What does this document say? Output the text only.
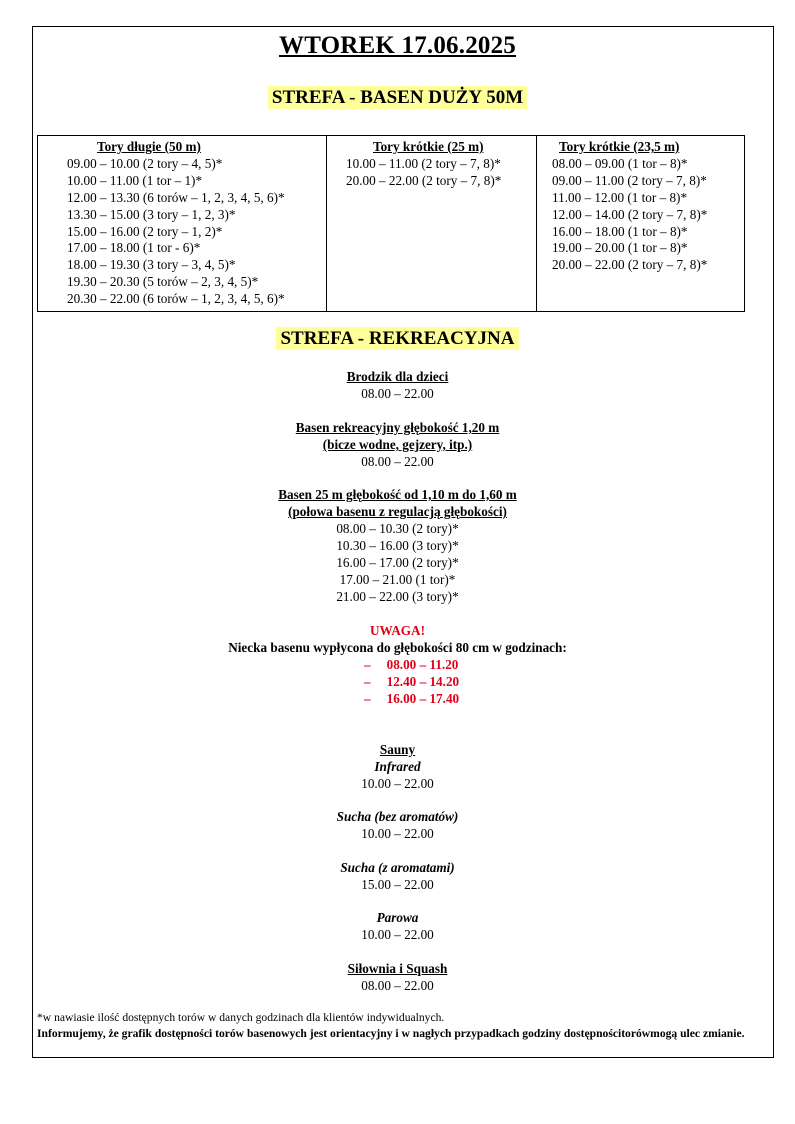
WTOREK 17.06.2025
STREFA - BASEN DUŻY 50M
Tory długie (50 m)
09.00 – 10.00 (2 tory – 4, 5)*
10.00 – 11.00 (1 tor – 1)*
12.00 – 13.30 (6 torów – 1, 2, 3, 4, 5, 6)*
13.30 – 15.00 (3 tory – 1, 2, 3)*
15.00 – 16.00 (2 tory – 1, 2)*
17.00 – 18.00 (1 tor - 6)*
18.00 – 19.30 (3 tory – 3, 4, 5)*
19.30 – 20.30 (5 torów – 2, 3, 4, 5)*
20.30 – 22.00 (6 torów – 1, 2, 3, 4, 5, 6)*
Tory krótkie (25 m)
10.00 – 11.00 (2 tory – 7, 8)*
20.00 – 22.00 (2 tory – 7, 8)*
Tory krótkie (23,5 m)
08.00 – 09.00 (1 tor – 8)*
09.00 – 11.00 (2 tory – 7, 8)*
11.00 – 12.00 (1 tor – 8)*
12.00 – 14.00 (2 tory – 7, 8)*
16.00 – 18.00 (1 tor – 8)*
19.00 – 20.00 (1 tor – 8)*
20.00 – 22.00 (2 tory – 7, 8)*
STREFA - REKREACYJNA
Brodzik dla dzieci
08.00 – 22.00
Basen rekreacyjny głębokość 1,20 m
(bicze wodne, gejzery, itp.)
08.00 – 22.00
Basen 25 m głębokość od 1,10 m do 1,60 m
(połowa basenu z regulacją głębokości)
08.00 – 10.30 (2 tory)*
10.30 – 16.00 (3 tory)*
16.00 – 17.00 (2 tory)*
17.00 – 21.00 (1 tor)*
21.00 – 22.00 (3 tory)*
UWAGA!
Niecka basenu wypłycona do głębokości 80 cm w godzinach:
– 08.00 – 11.20
– 12.40 – 14.20
– 16.00 – 17.40
Sauny
Infrared
10.00 – 22.00
Sucha (bez aromatów)
10.00 – 22.00
Sucha (z aromatami)
15.00 – 22.00
Parowa
10.00 – 22.00
Siłownia i Squash
08.00 – 22.00
*w nawiasie ilość dostępnych torów w danych godzinach dla klientów indywidualnych.
Informujemy, że grafik dostępności torów basenowych jest orientacyjny i w nagłych przypadkach godziny dostępnościtorówmogą ulec zmianie.
